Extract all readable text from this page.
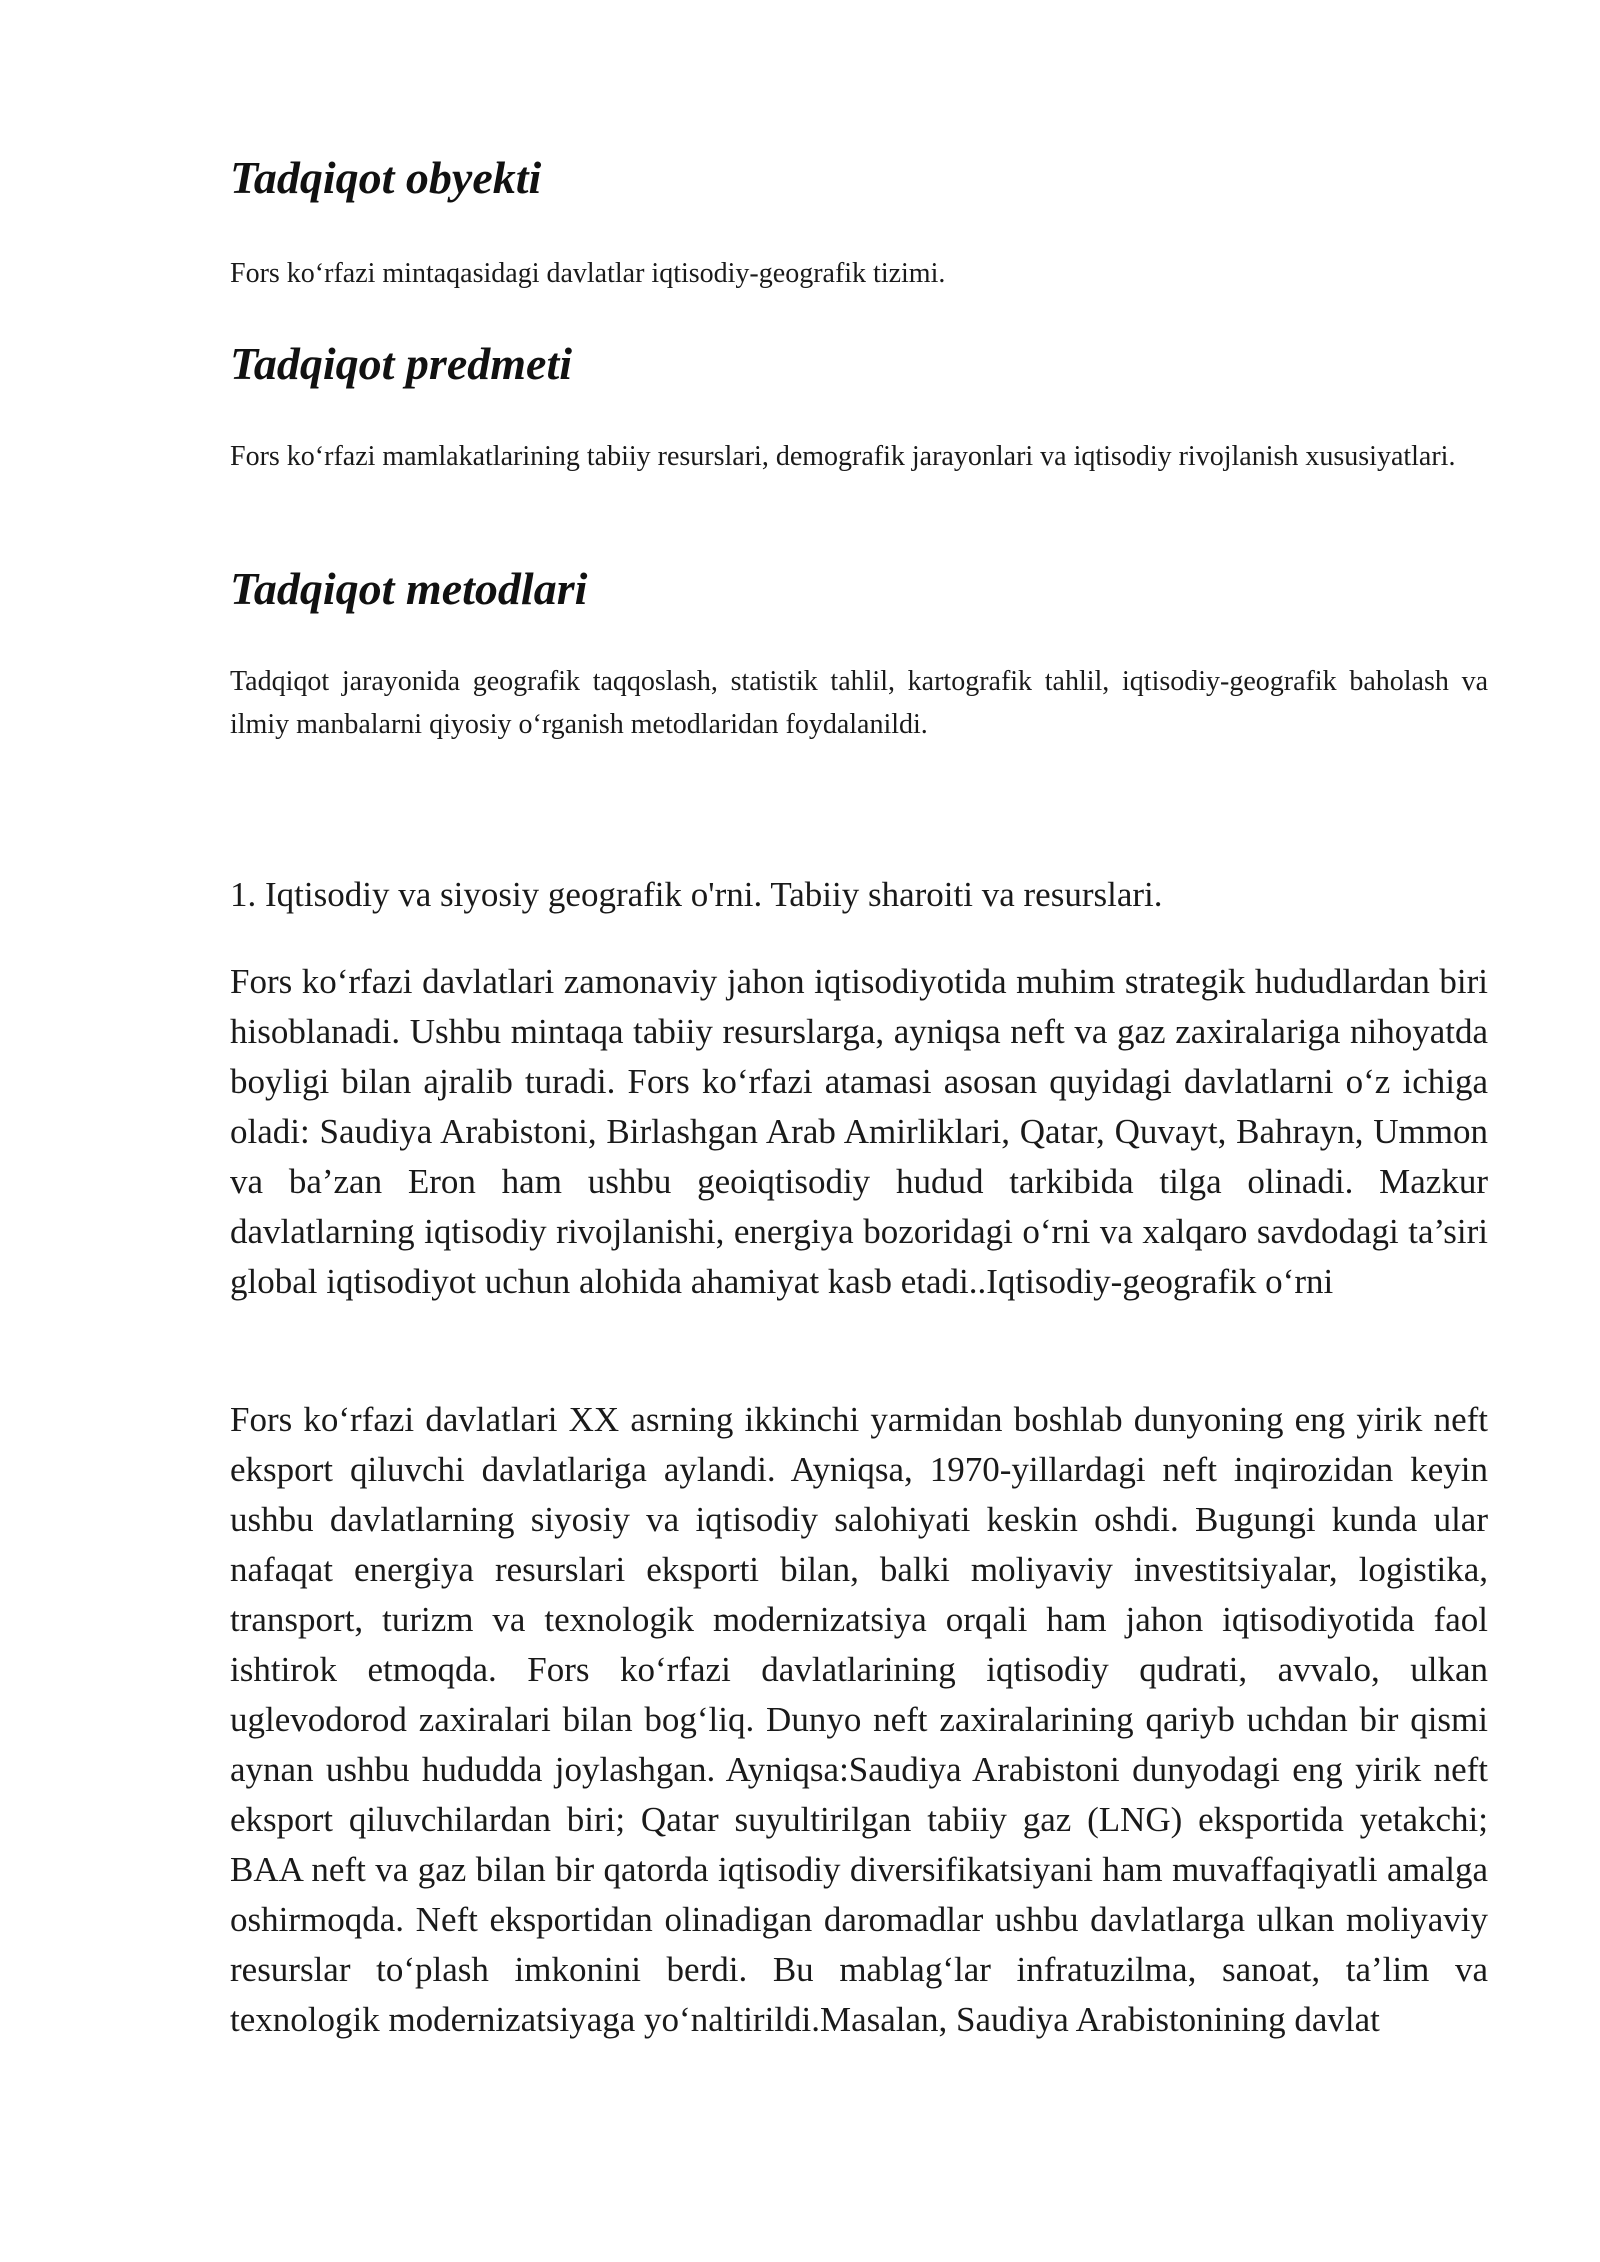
Tadqiqot obyekti

Fors ko‘rfazi mintaqasidagi davlatlar iqtisodiy-geografik tizimi.

Tadqiqot predmeti

Fors ko‘rfazi mamlakatlarining tabiiy resurslari, demografik jarayonlari va iqtisodiy rivojlanish xususiyatlari.

Tadqiqot metodlari

Tadqiqot jarayonida geografik taqqoslash, statistik tahlil, kartografik tahlil, iqtisodiy-geografik baholash va ilmiy manbalarni qiyosiy o‘rganish metodlaridan foydalanildi.

1. Iqtisodiy va siyosiy geografik o'rni. Tabiiy sharoiti va resurslari.

Fors ko‘rfazi davlatlari zamonaviy jahon iqtisodiyotida muhim strategik hududlardan biri hisoblanadi. Ushbu mintaqa tabiiy resurslarga, ayniqsa neft va gaz zaxiralariga nihoyatda boyligi bilan ajralib turadi. Fors ko‘rfazi atamasi asosan quyidagi davlatlarni o‘z ichiga oladi: Saudiya Arabistoni, Birlashgan Arab Amirliklari, Qatar, Quvayt, Bahrayn, Ummon va ba’zan Eron ham ushbu geoiqtisodiy hudud tarkibida tilga olinadi. Mazkur davlatlarning iqtisodiy rivojlanishi, energiya bozoridagi o‘rni va xalqaro savdodagi ta’siri global iqtisodiyot uchun alohida ahamiyat kasb etadi..Iqtisodiy-geografik o‘rni

Fors ko‘rfazi davlatlari XX asrning ikkinchi yarmidan boshlab dunyoning eng yirik neft eksport qiluvchi davlatlariga aylandi. Ayniqsa, 1970-yillardagi neft inqirozidan keyin ushbu davlatlarning siyosiy va iqtisodiy salohiyati keskin oshdi. Bugungi kunda ular nafaqat energiya resurslari eksporti bilan, balki moliyaviy investitsiyalar, logistika, transport, turizm va texnologik modernizatsiya orqali ham jahon iqtisodiyotida faol ishtirok etmoqda. Fors ko‘rfazi davlatlarining iqtisodiy qudrati, avvalo, ulkan uglevodorod zaxiralari bilan bog‘liq. Dunyo neft zaxiralarining qariyb uchdan bir qismi aynan ushbu hududda joylashgan. Ayniqsa:Saudiya Arabistoni dunyodagi eng yirik neft eksport qiluvchilardan biri; Qatar suyultirilgan tabiiy gaz (LNG) eksportida yetakchi; BAA neft va gaz bilan bir qatorda iqtisodiy diversifikatsiyani ham muvaffaqiyatli amalga oshirmoqda. Neft eksportidan olinadigan daromadlar ushbu davlatlarga ulkan moliyaviy resurslar to‘plash imkonini berdi. Bu mablag‘lar infratuzilma, sanoat, ta’lim va texnologik modernizatsiyaga yo‘naltirildi.Masalan, Saudiya Arabistonining davlat
